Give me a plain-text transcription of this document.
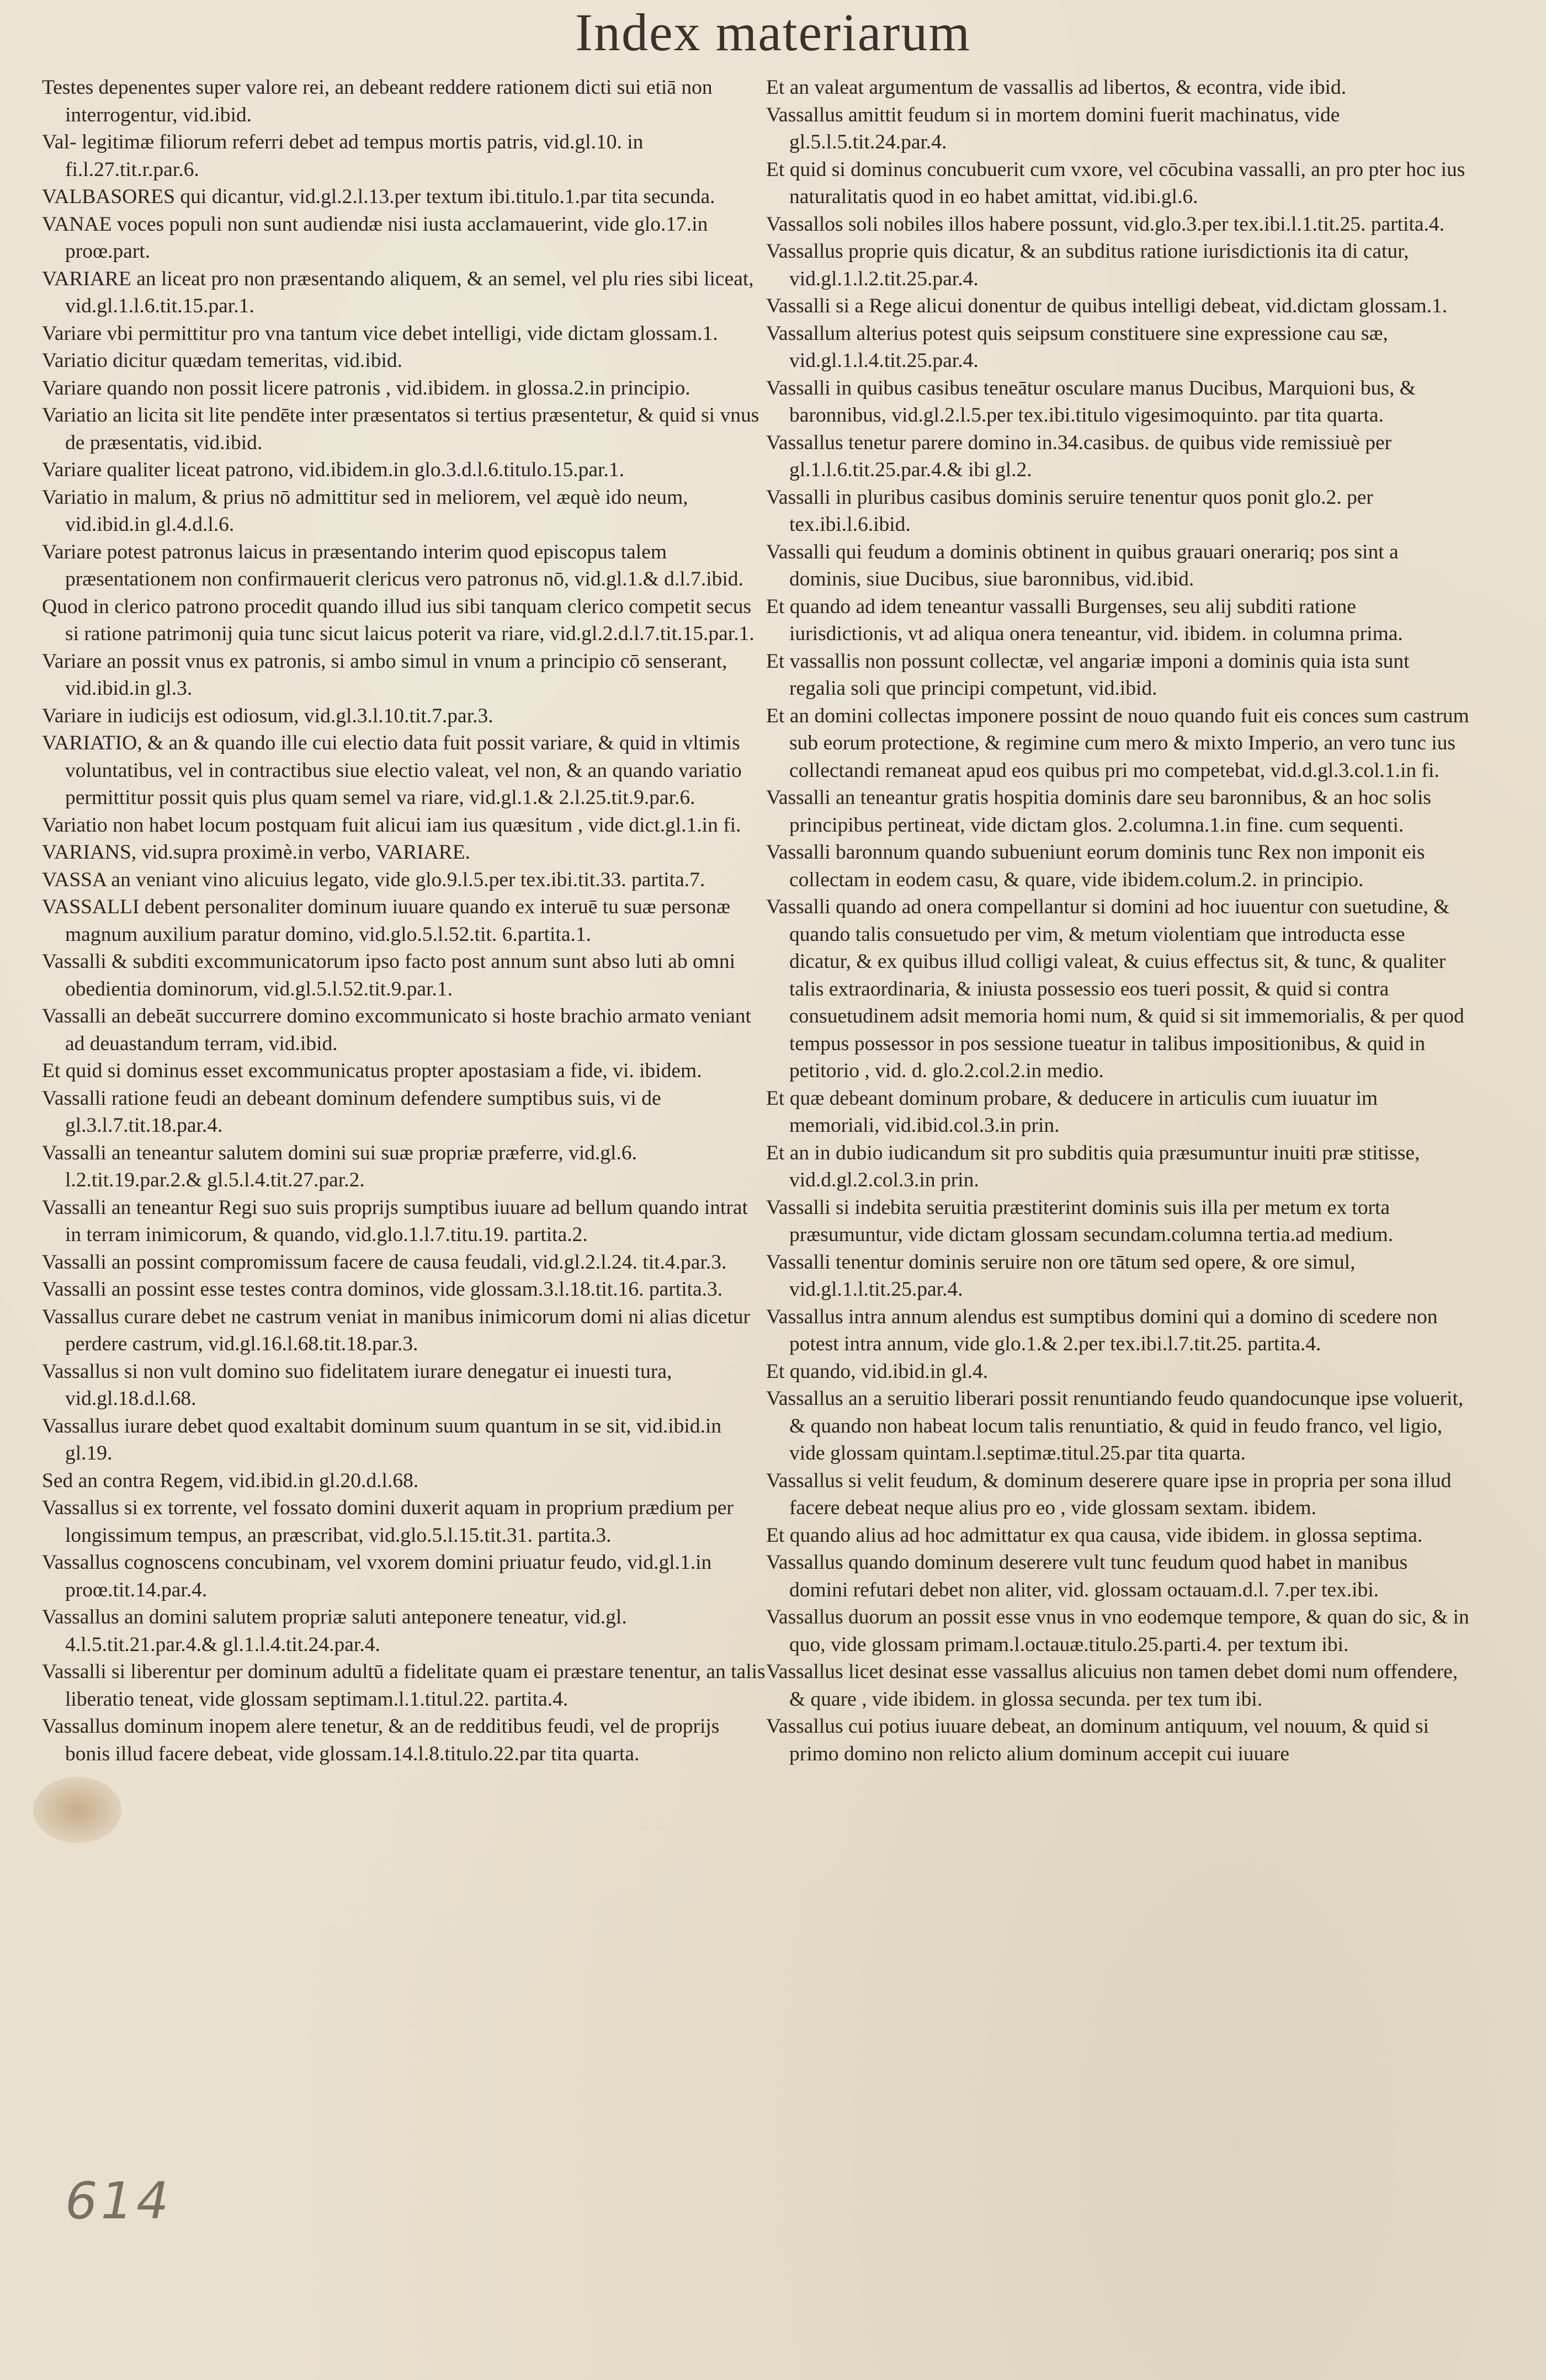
Index materiarum

Testes depenentes super valore rei, an debeant reddere rationem dicti sui etiā non interrogentur, vid.ibid.

Val- legitimæ filiorum referri debet ad tempus mortis patris, vid.gl.10. in fi.l.27.tit.r.par.6.

VALBASORES qui dicantur, vid.gl.2.l.13.per textum ibi.titulo.1.par tita secunda.

VANAE voces populi non sunt audiendæ nisi iusta acclamauerint, vide glo.17.in proœ.part.

VARIARE an liceat pro non præsentando aliquem, & an semel, vel plu ries sibi liceat, vid.gl.1.l.6.tit.15.par.1.

Variare vbi permittitur pro vna tantum vice debet intelligi, vide dictam glossam.1.

Variatio dicitur quædam temeritas, vid.ibid.

Variare quando non possit licere patronis , vid.ibidem. in glossa.2.in principio.

Variatio an licita sit lite pendēte inter præsentatos si tertius præsentetur, & quid si vnus de præsentatis, vid.ibid.

Variare qualiter liceat patrono, vid.ibidem.in glo.3.d.l.6.titulo.15.par.1.

Variatio in malum, & prius nō admittitur sed in meliorem, vel æquè ido neum, vid.ibid.in gl.4.d.l.6.

Variare potest patronus laicus in præsentando interim quod episcopus talem præsentationem non confirmauerit clericus vero patronus nō, vid.gl.1.& d.l.7.ibid.

Quod in clerico patrono procedit quando illud ius sibi tanquam clerico competit secus si ratione patrimonij quia tunc sicut laicus poterit va riare, vid.gl.2.d.l.7.tit.15.par.1.

Variare an possit vnus ex patronis, si ambo simul in vnum a principio cō senserant, vid.ibid.in gl.3.

Variare in iudicijs est odiosum, vid.gl.3.l.10.tit.7.par.3.

VARIATIO, & an & quando ille cui electio data fuit possit variare, & quid in vltimis voluntatibus, vel in contractibus siue electio valeat, vel non, & an quando variatio permittitur possit quis plus quam semel va riare, vid.gl.1.& 2.l.25.tit.9.par.6.

Variatio non habet locum postquam fuit alicui iam ius quæsitum , vide dict.gl.1.in fi.

VARIANS, vid.supra proximè.in verbo, VARIARE.

VASSA an veniant vino alicuius legato, vide glo.9.l.5.per tex.ibi.tit.33. partita.7.

VASSALLI debent personaliter dominum iuuare quando ex interuē tu suæ personæ magnum auxilium paratur domino, vid.glo.5.l.52.tit. 6.partita.1.

Vassalli & subditi excommunicatorum ipso facto post annum sunt abso luti ab omni obedientia dominorum, vid.gl.5.l.52.tit.9.par.1.

Vassalli an debeāt succurrere domino excommunicato si hoste brachio armato veniant ad deuastandum terram, vid.ibid.

Et quid si dominus esset excommunicatus propter apostasiam a fide, vi. ibidem.

Vassalli ratione feudi an debeant dominum defendere sumptibus suis, vi de gl.3.l.7.tit.18.par.4.

Vassalli an teneantur salutem domini sui suæ propriæ præferre, vid.gl.6. l.2.tit.19.par.2.& gl.5.l.4.tit.27.par.2.

Vassalli an teneantur Regi suo suis proprijs sumptibus iuuare ad bellum quando intrat in terram inimicorum, & quando, vid.glo.1.l.7.titu.19. partita.2.

Vassalli an possint compromissum facere de causa feudali, vid.gl.2.l.24. tit.4.par.3.

Vassalli an possint esse testes contra dominos, vide glossam.3.l.18.tit.16. partita.3.

Vassallus curare debet ne castrum veniat in manibus inimicorum domi ni alias dicetur perdere castrum, vid.gl.16.l.68.tit.18.par.3.

Vassallus si non vult domino suo fidelitatem iurare denegatur ei inuesti tura, vid.gl.18.d.l.68.

Vassallus iurare debet quod exaltabit dominum suum quantum in se sit, vid.ibid.in gl.19.

Sed an contra Regem, vid.ibid.in gl.20.d.l.68.

Vassallus si ex torrente, vel fossato domini duxerit aquam in proprium prædium per longissimum tempus, an præscribat, vid.glo.5.l.15.tit.31. partita.3.

Vassallus cognoscens concubinam, vel vxorem domini priuatur feudo, vid.gl.1.in proœ.tit.14.par.4.

Vassallus an domini salutem propriæ saluti anteponere teneatur, vid.gl. 4.l.5.tit.21.par.4.& gl.1.l.4.tit.24.par.4.

Vassalli si liberentur per dominum adultū a fidelitate quam ei præstare tenentur, an talis liberatio teneat, vide glossam septimam.l.1.titul.22. partita.4.

Vassallus dominum inopem alere tenetur, & an de redditibus feudi, vel de proprijs bonis illud facere debeat, vide glossam.14.l.8.titulo.22.par tita quarta.

Et an valeat argumentum de vassallis ad libertos, & econtra, vide ibid.

Vassallus amittit feudum si in mortem domini fuerit machinatus, vide gl.5.l.5.tit.24.par.4.

Et quid si dominus concubuerit cum vxore, vel cōcubina vassalli, an pro pter hoc ius naturalitatis quod in eo habet amittat, vid.ibi.gl.6.

Vassallos soli nobiles illos habere possunt, vid.glo.3.per tex.ibi.l.1.tit.25. partita.4.

Vassallus proprie quis dicatur, & an subditus ratione iurisdictionis ita di catur, vid.gl.1.l.2.tit.25.par.4.

Vassalli si a Rege alicui donentur de quibus intelligi debeat, vid.dictam glossam.1.

Vassallum alterius potest quis seipsum constituere sine expressione cau sæ, vid.gl.1.l.4.tit.25.par.4.

Vassalli in quibus casibus teneātur osculare manus Ducibus, Marquioni bus, & baronnibus, vid.gl.2.l.5.per tex.ibi.titulo vigesimoquinto. par tita quarta.

Vassallus tenetur parere domino in.34.casibus. de quibus vide remissiuè per gl.1.l.6.tit.25.par.4.& ibi gl.2.

Vassalli in pluribus casibus dominis seruire tenentur quos ponit glo.2. per tex.ibi.l.6.ibid.

Vassalli qui feudum a dominis obtinent in quibus grauari onerariq; pos sint a dominis, siue Ducibus, siue baronnibus, vid.ibid.

Et quando ad idem teneantur vassalli Burgenses, seu alij subditi ratione iurisdictionis, vt ad aliqua onera teneantur, vid. ibidem. in columna prima.

Et vassallis non possunt collectæ, vel angariæ imponi a dominis quia ista sunt regalia soli que principi competunt, vid.ibid.

Et an domini collectas imponere possint de nouo quando fuit eis conces sum castrum sub eorum protectione, & regimine cum mero & mixto Imperio, an vero tunc ius collectandi remaneat apud eos quibus pri mo competebat, vid.d.gl.3.col.1.in fi.

Vassalli an teneantur gratis hospitia dominis dare seu baronnibus, & an hoc solis principibus pertineat, vide dictam glos. 2.columna.1.in fine. cum sequenti.

Vassalli baronnum quando subueniunt eorum dominis tunc Rex non imponit eis collectam in eodem casu, & quare, vide ibidem.colum.2. in principio.

Vassalli quando ad onera compellantur si domini ad hoc iuuentur con suetudine, & quando talis consuetudo per vim, & metum violentiam que introducta esse dicatur, & ex quibus illud colligi valeat, & cuius effectus sit, & tunc, & qualiter talis extraordinaria, & iniusta possessio eos tueri possit, & quid si contra consuetudinem adsit memoria homi num, & quid si sit immemorialis, & per quod tempus possessor in pos sessione tueatur in talibus impositionibus, & quid in petitorio , vid. d. glo.2.col.2.in medio.

Et quæ debeant dominum probare, & deducere in articulis cum iuuatur im memoriali, vid.ibid.col.3.in prin.

Et an in dubio iudicandum sit pro subditis quia præsumuntur inuiti præ stitisse, vid.d.gl.2.col.3.in prin.

Vassalli si indebita seruitia præstiterint dominis suis illa per metum ex torta præsumuntur, vide dictam glossam secundam.columna tertia.ad medium.

Vassalli tenentur dominis seruire non ore tātum sed opere, & ore simul, vid.gl.1.l.tit.25.par.4.

Vassallus intra annum alendus est sumptibus domini qui a domino di scedere non potest intra annum, vide glo.1.& 2.per tex.ibi.l.7.tit.25. partita.4.

Et quando, vid.ibid.in gl.4.

Vassallus an a seruitio liberari possit renuntiando feudo quandocunque ipse voluerit, & quando non habeat locum talis renuntiatio, & quid in feudo franco, vel ligio, vide glossam quintam.l.septimæ.titul.25.par tita quarta.

Vassallus si velit feudum, & dominum deserere quare ipse in propria per sona illud facere debeat neque alius pro eo , vide glossam sextam. ibidem.

Et quando alius ad hoc admittatur ex qua causa, vide ibidem. in glossa septima.

Vassallus quando dominum deserere vult tunc feudum quod habet in manibus domini refutari debet non aliter, vid. glossam octauam.d.l. 7.per tex.ibi.

Vassallus duorum an possit esse vnus in vno eodemque tempore, & quan do sic, & in quo, vide glossam primam.l.octauæ.titulo.25.parti.4. per textum ibi.

Vassallus licet desinat esse vassallus alicuius non tamen debet domi num offendere, & quare , vide ibidem. in glossa secunda. per tex tum ibi.

Vassallus cui potius iuuare debeat, an dominum antiquum, vel nouum, & quid si primo domino non relicto alium dominum accepit cui iuuare

614
